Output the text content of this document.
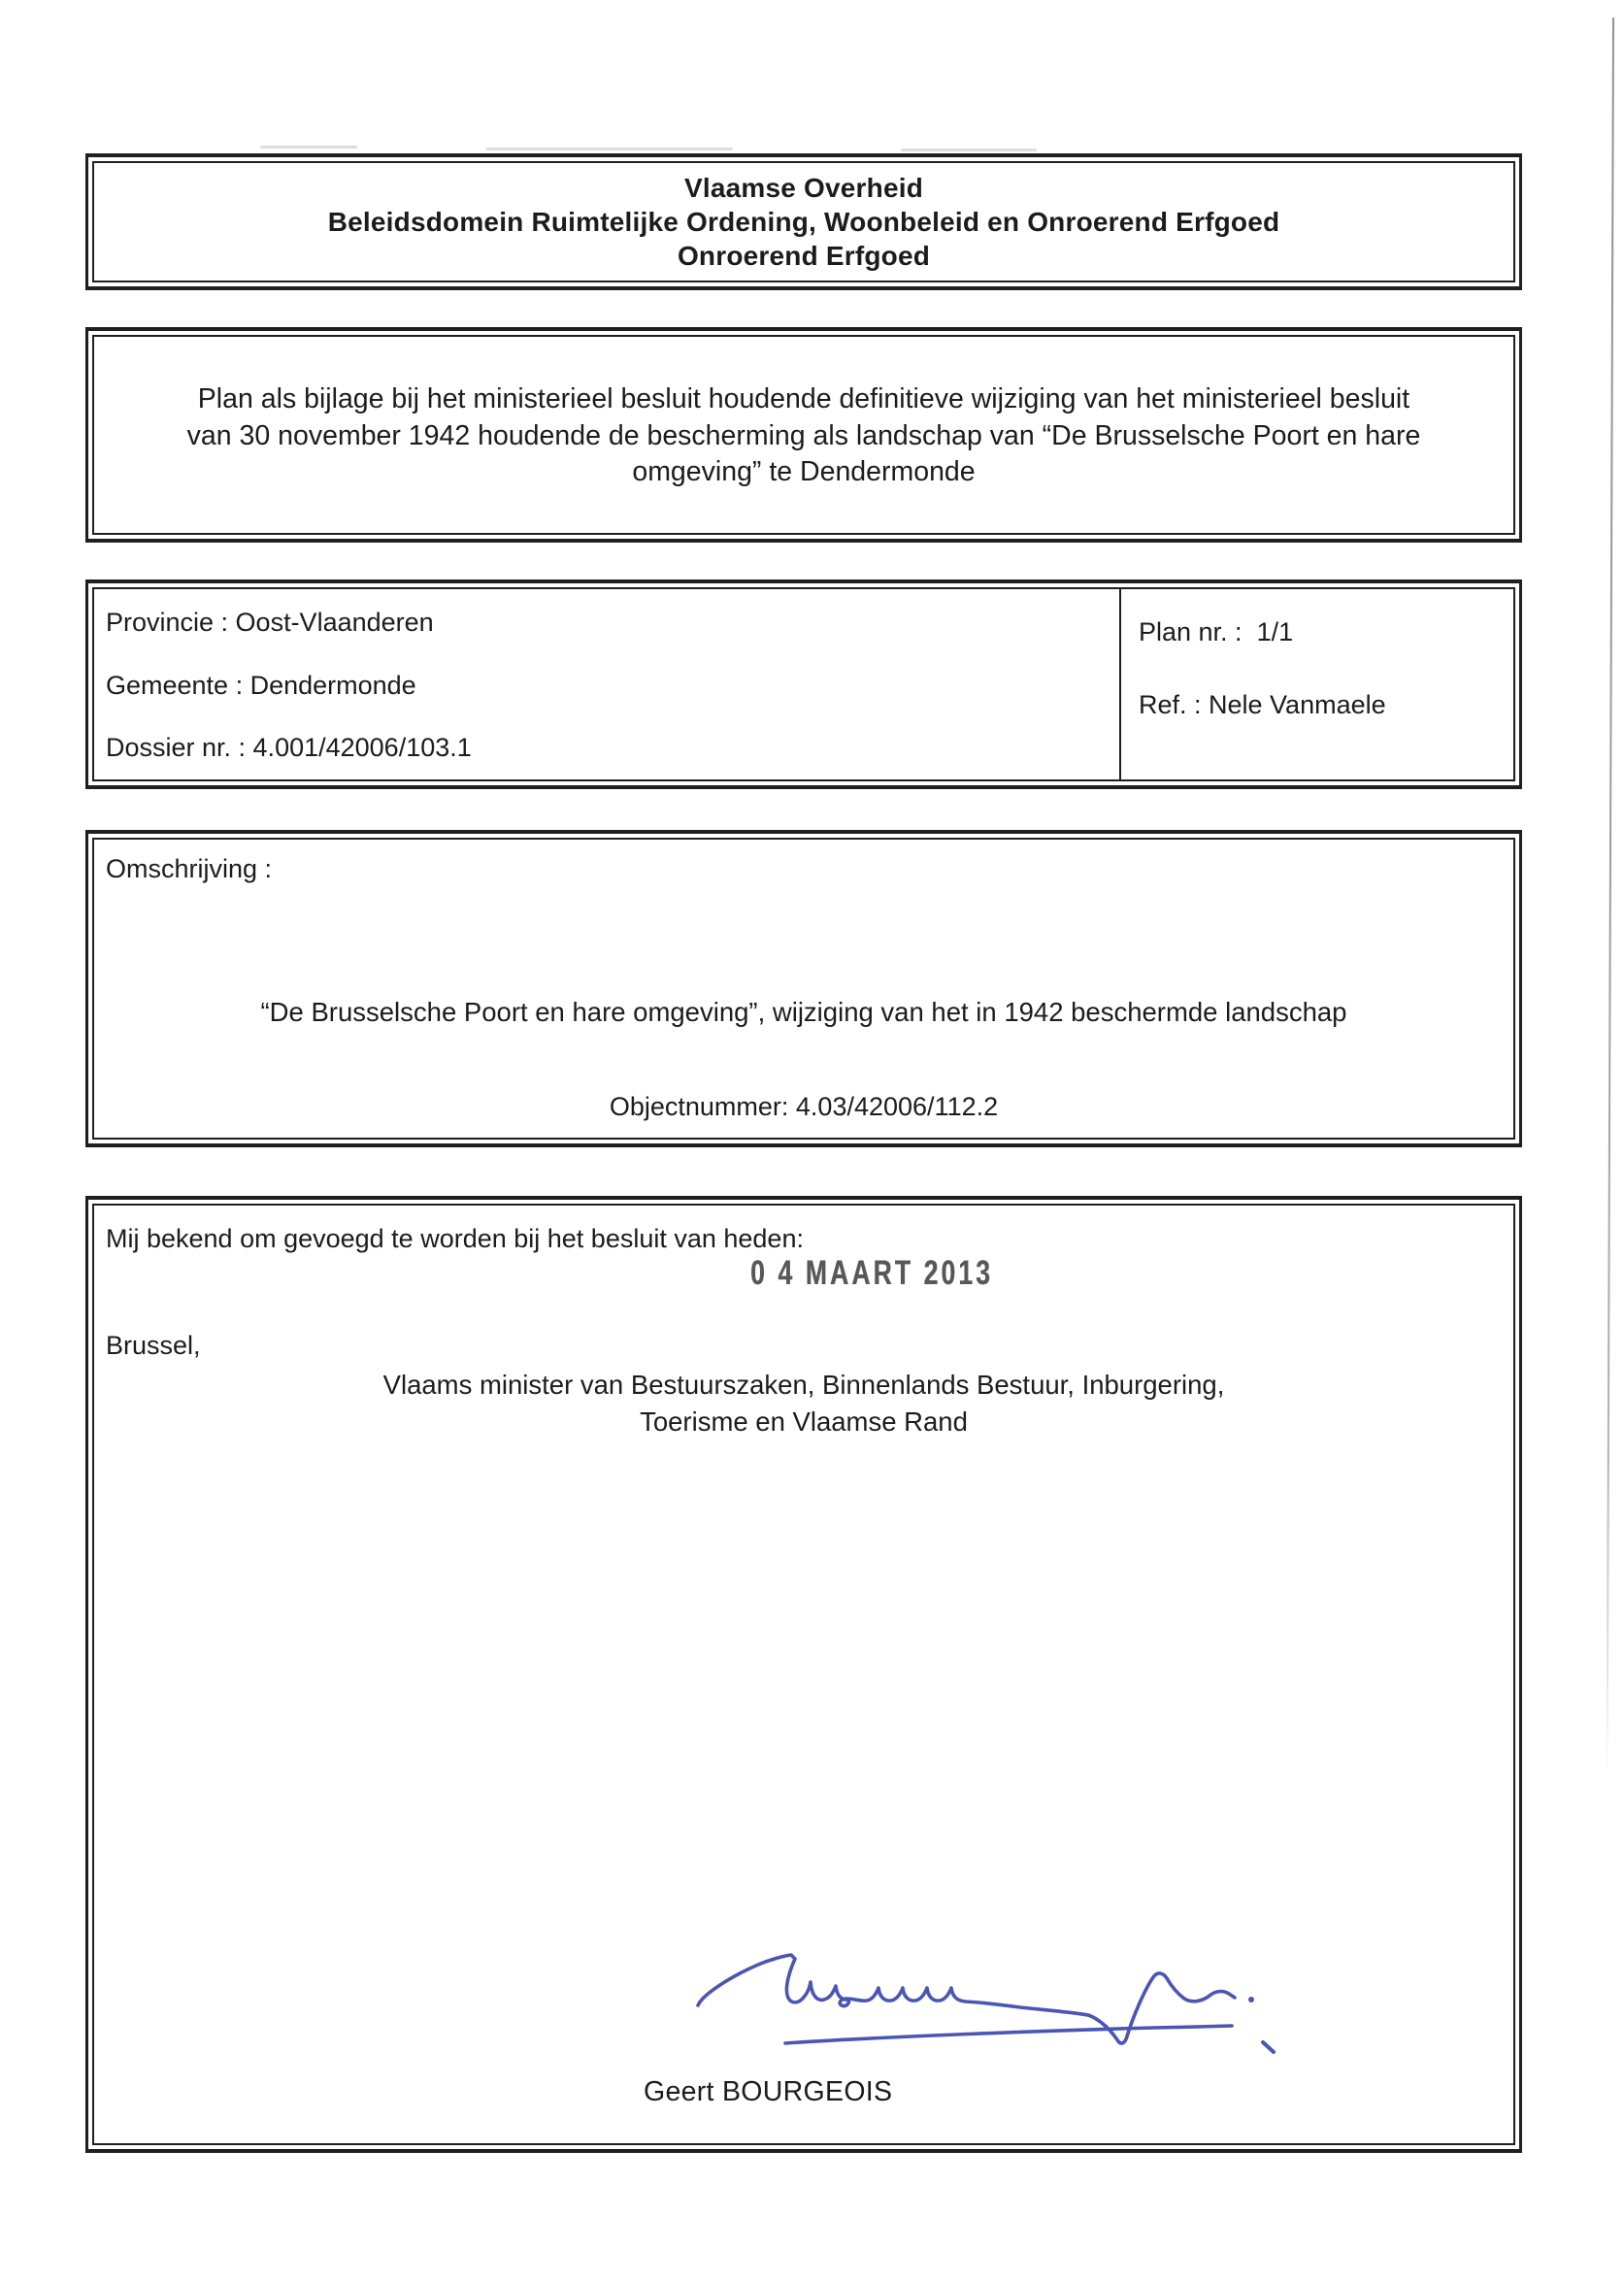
Vlaamse Overheid
Beleidsdomein Ruimtelijke Ordening, Woonbeleid en Onroerend Erfgoed
Onroerend Erfgoed
Plan als bijlage bij het ministerieel besluit houdende definitieve wijziging van het ministerieel besluit
van 30 november 1942 houdende de bescherming als landschap van “De Brusselsche Poort en hare
omgeving” te Dendermonde
Provincie : Oost-Vlaanderen
Gemeente : Dendermonde
Dossier nr. : 4.001/42006/103.1
Plan nr. :  1/1
Ref. : Nele Vanmaele
Omschrijving :
“De Brusselsche Poort en hare omgeving”, wijziging van het in 1942 beschermde landschap
Objectnummer: 4.03/42006/112.2
Mij bekend om gevoegd te worden bij het besluit van heden:
0 4 MAART 2013
Brussel,
Vlaams minister van Bestuurszaken, Binnenlands Bestuur, Inburgering,
Toerisme en Vlaamse Rand
Geert BOURGEOIS
